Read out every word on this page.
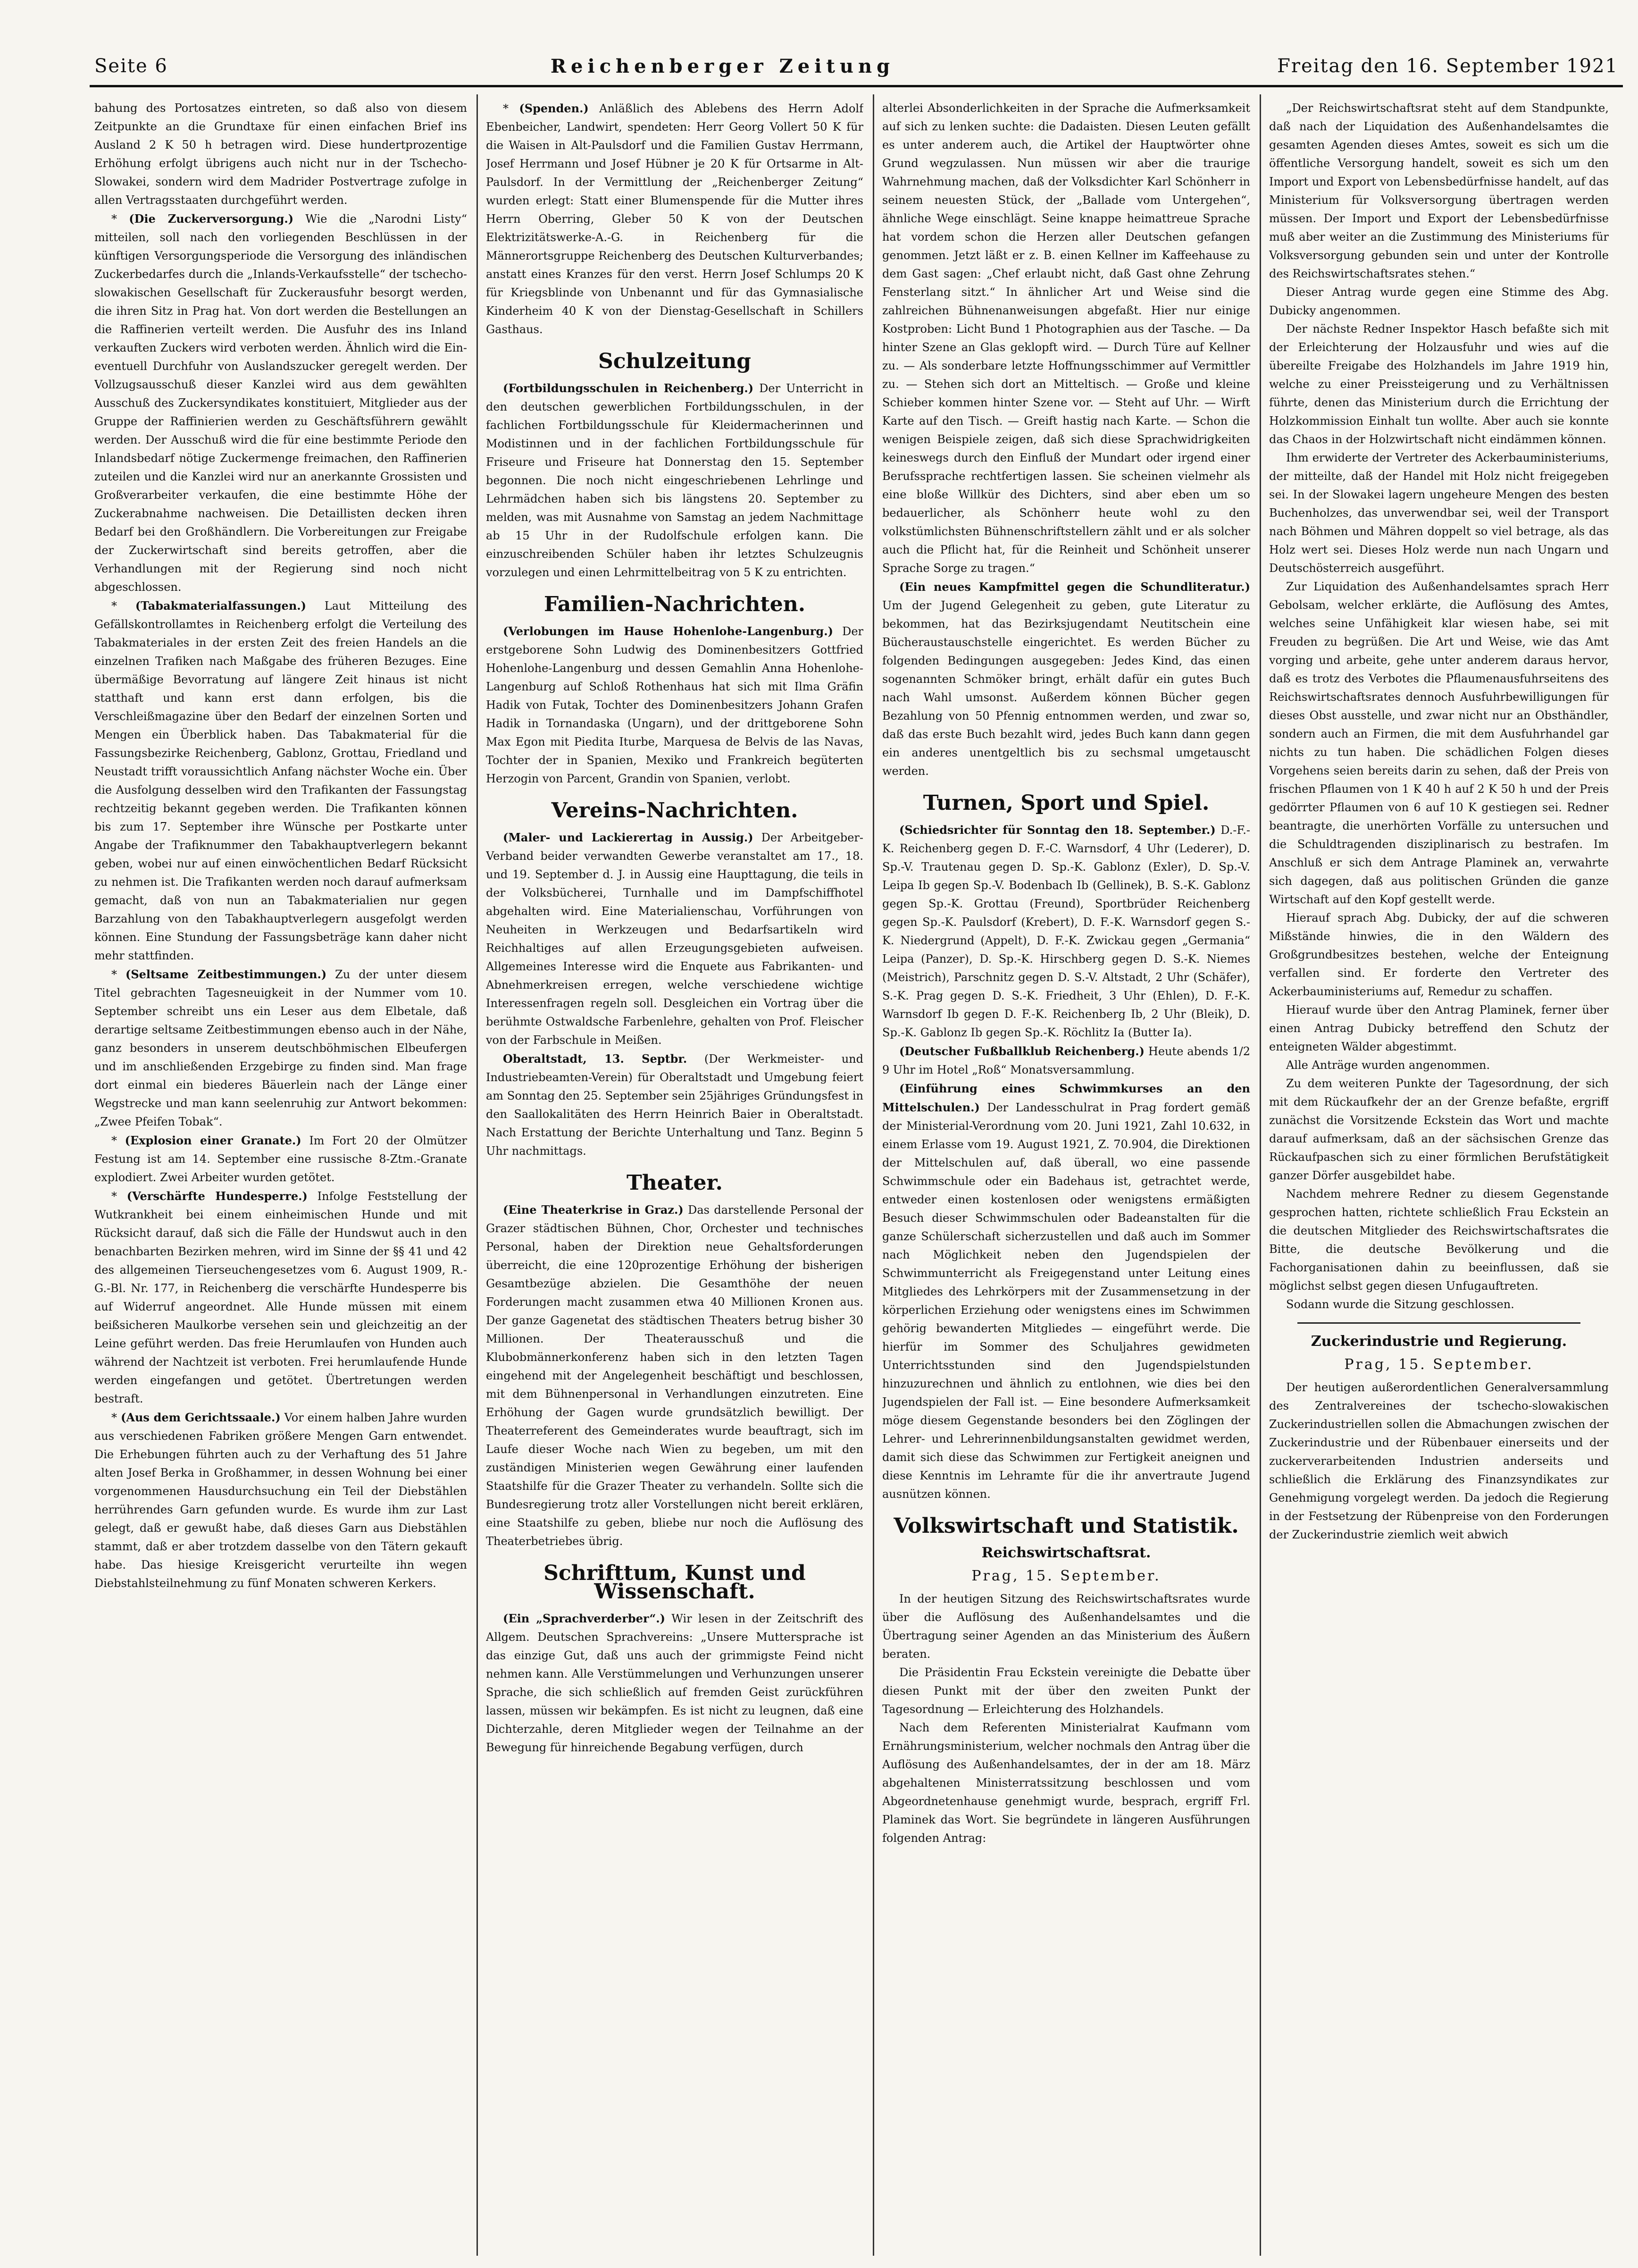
Seite 6	Reichenberger Zeitung	Freitag den 16. September 1921

bahung des Portosatzes eintreten, so daß also von diesem Zeitpunkte an die Grundtaxe für einen einfachen Brief ins Ausland 2 K 50 h betragen wird. Diese hundertprozentige Erhöhung erfolgt übrigens auch nicht nur in der Tschecho-Slowakei, sondern wird dem Madrider Postvertrage zufolge in allen Vertragsstaaten durchgeführt werden.

* (Die Zuckerversorgung.) Wie die „Narodni Listy“ mitteilen, soll nach den vorliegenden Beschlüssen in der künftigen Versorgungsperiode die Versorgung des inländischen Zuckerbedarfes durch die „Inlands-Verkaufsstelle“ der tschecho-slowakischen Gesellschaft für Zuckerausfuhr besorgt werden, die ihren Sitz in Prag hat. Von dort werden die Bestellungen an die Raffinerien verteilt werden. Die Ausfuhr des ins Inland verkauften Zuckers wird verboten werden. Ähnlich wird die Ein- eventuell Durchfuhr von Auslandszucker geregelt werden. Der Vollzugsausschuß dieser Kanzlei wird aus dem gewählten Ausschuß des Zuckersyndikates konstituiert, Mitglieder aus der Gruppe der Raffinierien werden zu Geschäftsführern gewählt werden. Der Ausschuß wird die für eine bestimmte Periode den Inlandsbedarf nötige Zuckermenge freimachen, den Raffinerien zuteilen und die Kanzlei wird nur an anerkannte Grossisten und Großverarbeiter verkaufen, die eine bestimmte Höhe der Zuckerabnahme nachweisen. Die Detaillisten decken ihren Bedarf bei den Großhändlern. Die Vorbereitungen zur Freigabe der Zuckerwirtschaft sind bereits getroffen, aber die Verhandlungen mit der Regierung sind noch nicht abgeschlossen.

* (Tabakmaterialfassungen.) Laut Mitteilung des Gefällskontrollamtes in Reichenberg erfolgt die Verteilung des Tabakmateriales in der ersten Zeit des freien Handels an die einzelnen Trafiken nach Maßgabe des früheren Bezuges. Eine übermäßige Bevorratung auf längere Zeit hinaus ist nicht statthaft und kann erst dann erfolgen, bis die Verschleißmagazine über den Bedarf der einzelnen Sorten und Mengen ein Überblick haben. Das Tabakmaterial für die Fassungsbezirke Reichenberg, Gablonz, Grottau, Friedland und Neustadt trifft voraussichtlich Anfang nächster Woche ein. Über die Ausfolgung desselben wird den Trafikanten der Fassungstag rechtzeitig bekannt gegeben werden. Die Trafikanten können bis zum 17. September ihre Wünsche per Postkarte unter Angabe der Trafiknummer den Tabakhauptverlegern bekannt geben, wobei nur auf einen einwöchentlichen Bedarf Rücksicht zu nehmen ist. Die Trafikanten werden noch darauf aufmerksam gemacht, daß von nun an Tabakmaterialien nur gegen Barzahlung von den Tabakhauptverlegern ausgefolgt werden können. Eine Stundung der Fassungsbeträge kann daher nicht mehr stattfinden.

* (Seltsame Zeitbestimmungen.) Zu der unter diesem Titel gebrachten Tagesneuigkeit in der Nummer vom 10. September schreibt uns ein Leser aus dem Elbetale, daß derartige seltsame Zeitbestimmungen ebenso auch in der Nähe, ganz besonders in unserem deutschböhmischen Elbeufergen und im anschließenden Erzgebirge zu finden sind. Man frage dort einmal ein biederes Bäuerlein nach der Länge einer Wegstrecke und man kann seelenruhig zur Antwort bekommen: „Zwee Pfeifen Tobak“.

* (Explosion einer Granate.) Im Fort 20 der Olmützer Festung ist am 14. September eine russische 8-Ztm.-Granate explodiert. Zwei Arbeiter wurden getötet.

* (Verschärfte Hundesperre.) Infolge Feststellung der Wutkrankheit bei einem einheimischen Hunde und mit Rücksicht darauf, daß sich die Fälle der Hundswut auch in den benachbarten Bezirken mehren, wird im Sinne der §§ 41 und 42 des allgemeinen Tierseuchengesetzes vom 6. August 1909, R.-G.-Bl. Nr. 177, in Reichenberg die verschärfte Hundesperre bis auf Widerruf angeordnet. Alle Hunde müssen mit einem beißsicheren Maulkorbe versehen sein und gleichzeitig an der Leine geführt werden. Das freie Herumlaufen von Hunden auch während der Nachtzeit ist verboten. Frei herumlaufende Hunde werden eingefangen und getötet. Übertretungen werden bestraft.

* (Aus dem Gerichtssaale.) Vor einem halben Jahre wurden aus verschiedenen Fabriken größere Mengen Garn entwendet. Die Erhebungen führten auch zu der Verhaftung des 51 Jahre alten Josef Berka in Großhammer, in dessen Wohnung bei einer vorgenommenen Hausdurchsuchung ein Teil der Diebstählen herrührendes Garn gefunden wurde. Es wurde ihm zur Last gelegt, daß er gewußt habe, daß dieses Garn aus Diebstählen stammt, daß er aber trotzdem dasselbe von den Tätern gekauft habe. Das hiesige Kreisgericht verurteilte ihn wegen Diebstahlsteilnehmung zu fünf Monaten schweren Kerkers.

* (Spenden.) Anläßlich des Ablebens des Herrn Adolf Ebenbeicher, Landwirt, spendeten: Herr Georg Vollert 50 K für die Waisen in Alt-Paulsdorf und die Familien Gustav Herrmann, Josef Herrmann und Josef Hübner je 20 K für Ortsarme in Alt-Paulsdorf. In der Vermittlung der „Reichenberger Zeitung“ wurden erlegt: Statt einer Blumenspende für die Mutter ihres Herrn Oberring, Gleber 50 K von der Deutschen Elektrizitätswerke-A.-G. in Reichenberg für die Männerortsgruppe Reichenberg des Deutschen Kulturverbandes; anstatt eines Kranzes für den verst. Herrn Josef Schlumps 20 K für Kriegsblinde von Unbenannt und für das Gymnasialische Kinderheim 40 K von der Dienstag-Gesellschaft in Schillers Gasthaus.

Schulzeitung

(Fortbildungsschulen in Reichenberg.) Der Unterricht in den deutschen gewerblichen Fortbildungsschulen, in der fachlichen Fortbildungsschule für Kleidermacherinnen und Modistinnen und in der fachlichen Fortbildungsschule für Friseure und Friseure hat Donnerstag den 15. September begonnen. Die noch nicht eingeschriebenen Lehrlinge und Lehrmädchen haben sich bis längstens 20. September zu melden, was mit Ausnahme von Samstag an jedem Nachmittage ab 15 Uhr in der Rudolfschule erfolgen kann. Die einzuschreibenden Schüler haben ihr letztes Schulzeugnis vorzulegen und einen Lehrmittelbeitrag von 5 K zu entrichten.

Familien-Nachrichten.

(Verlobungen im Hause Hohenlohe-Langenburg.) Der erstgeborene Sohn Ludwig des Dominenbesitzers Gottfried Hohenlohe-Langenburg und dessen Gemahlin Anna Hohenlohe-Langenburg auf Schloß Rothenhaus hat sich mit Ilma Gräfin Hadik von Futak, Tochter des Dominenbesitzers Johann Grafen Hadik in Tornandaska (Ungarn), und der drittgeborene Sohn Max Egon mit Piedita Iturbe, Marquesa de Belvis de las Navas, Tochter der in Spanien, Mexiko und Frankreich begüterten Herzogin von Parcent, Grandin von Spanien, verlobt.

Vereins-Nachrichten.

(Maler- und Lackierertag in Aussig.) Der Arbeitgeber-Verband beider verwandten Gewerbe veranstaltet am 17., 18. und 19. September d. J. in Aussig eine Haupttagung, die teils in der Volksbücherei, Turnhalle und im Dampfschiffhotel abgehalten wird. Eine Materialienschau, Vorführungen von Neuheiten in Werkzeugen und Bedarfsartikeln wird Reichhaltiges auf allen Erzeugungsgebieten aufweisen. Allgemeines Interesse wird die Enquete aus Fabrikanten- und Abnehmerkreisen erregen, welche verschiedene wichtige Interessenfragen regeln soll. Desgleichen ein Vortrag über die berühmte Ostwaldsche Farbenlehre, gehalten von Prof. Fleischer von der Farbschule in Meißen.

Oberaltstadt, 13. Septbr. (Der Werkmeister- und Industriebeamten-Verein) für Oberaltstadt und Umgebung feiert am Sonntag den 25. September sein 25jähriges Gründungsfest in den Saallokalitäten des Herrn Heinrich Baier in Oberaltstadt. Nach Erstattung der Berichte Unterhaltung und Tanz. Beginn 5 Uhr nachmittags.

Theater.

(Eine Theaterkrise in Graz.) Das darstellende Personal der Grazer städtischen Bühnen, Chor, Orchester und technisches Personal, haben der Direktion neue Gehaltsforderungen überreicht, die eine 120prozentige Erhöhung der bisherigen Gesamtbezüge abzielen. Die Gesamthöhe der neuen Forderungen macht zusammen etwa 40 Millionen Kronen aus. Der ganze Gagenetat des städtischen Theaters betrug bisher 30 Millionen. Der Theaterausschuß und die Klubobmännerkonferenz haben sich in den letzten Tagen eingehend mit der Angelegenheit beschäftigt und beschlossen, mit dem Bühnenpersonal in Verhandlungen einzutreten. Eine Erhöhung der Gagen wurde grundsätzlich bewilligt. Der Theaterreferent des Gemeinderates wurde beauftragt, sich im Laufe dieser Woche nach Wien zu begeben, um mit den zuständigen Ministerien wegen Gewährung einer laufenden Staatshilfe für die Grazer Theater zu verhandeln. Sollte sich die Bundesregierung trotz aller Vorstellungen nicht bereit erklären, eine Staatshilfe zu geben, bliebe nur noch die Auflösung des Theaterbetriebes übrig.

Schrifttum, Kunst und Wissenschaft.

(Ein „Sprachverderber“.) Wir lesen in der Zeitschrift des Allgem. Deutschen Sprachvereins: „Unsere Muttersprache ist das einzige Gut, daß uns auch der grimmigste Feind nicht nehmen kann. Alle Verstümmelungen und Verhunzungen unserer Sprache, die sich schließlich auf fremden Geist zurückführen lassen, müssen wir bekämpfen. Es ist nicht zu leugnen, daß eine Dichterzahle, deren Mitglieder wegen der Teilnahme an der Bewegung für hinreichende Begabung verfügen, durch

alterlei Absonderlichkeiten in der Sprache die Aufmerksamkeit auf sich zu lenken suchte: die Dadaisten. Diesen Leuten gefällt es unter anderem auch, die Artikel der Hauptwörter ohne Grund wegzulassen. Nun müssen wir aber die traurige Wahrnehmung machen, daß der Volksdichter Karl Schönherr in seinem neuesten Stück, der „Ballade vom Untergehen“, ähnliche Wege einschlägt. Seine knappe heimattreue Sprache hat vordem schon die Herzen aller Deutschen gefangen genommen. Jetzt läßt er z. B. einen Kellner im Kaffeehause zu dem Gast sagen: „Chef erlaubt nicht, daß Gast ohne Zehrung Fensterlang sitzt.“ In ähnlicher Art und Weise sind die zahlreichen Bühnenanweisungen abgefaßt. Hier nur einige Kostproben: Licht Bund 1 Photographien aus der Tasche. — Da hinter Szene an Glas geklopft wird. — Durch Türe auf Kellner zu. — Als sonderbare letzte Hoffnungsschimmer auf Vermittler zu. — Stehen sich dort an Mitteltisch. — Große und kleine Schieber kommen hinter Szene vor. — Steht auf Uhr. — Wirft Karte auf den Tisch. — Greift hastig nach Karte. — Schon die wenigen Beispiele zeigen, daß sich diese Sprachwidrigkeiten keineswegs durch den Einfluß der Mundart oder irgend einer Berufssprache rechtfertigen lassen. Sie scheinen vielmehr als eine bloße Willkür des Dichters, sind aber eben um so bedauerlicher, als Schönherr heute wohl zu den volkstümlichsten Bühnenschriftstellern zählt und er als solcher auch die Pflicht hat, für die Reinheit und Schönheit unserer Sprache Sorge zu tragen.“

(Ein neues Kampfmittel gegen die Schundliteratur.) Um der Jugend Gelegenheit zu geben, gute Literatur zu bekommen, hat das Bezirksjugendamt Neutitschein eine Bücheraustauschstelle eingerichtet. Es werden Bücher zu folgenden Bedingungen ausgegeben: Jedes Kind, das einen sogenannten Schmöker bringt, erhält dafür ein gutes Buch nach Wahl umsonst. Außerdem können Bücher gegen Bezahlung von 50 Pfennig entnommen werden, und zwar so, daß das erste Buch bezahlt wird, jedes Buch kann dann gegen ein anderes unentgeltlich bis zu sechsmal umgetauscht werden.

Turnen, Sport und Spiel.

(Schiedsrichter für Sonntag den 18. September.) D.-F.-K. Reichenberg gegen D. F.-C. Warnsdorf, 4 Uhr (Lederer), D. Sp.-V. Trautenau gegen D. Sp.-K. Gablonz (Exler), D. Sp.-V. Leipa Ib gegen Sp.-V. Bodenbach Ib (Gellinek), B. S.-K. Gablonz gegen Sp.-K. Grottau (Freund), Sportbrüder Reichenberg gegen Sp.-K. Paulsdorf (Krebert), D. F.-K. Warnsdorf gegen S.-K. Niedergrund (Appelt), D. F.-K. Zwickau gegen „Germania“ Leipa (Panzer), D. Sp.-K. Hirschberg gegen D. S.-K. Niemes (Meistrich), Parschnitz gegen D. S.-V. Altstadt, 2 Uhr (Schäfer), S.-K. Prag gegen D. S.-K. Friedheit, 3 Uhr (Ehlen), D. F.-K. Warnsdorf Ib gegen D. F.-K. Reichenberg Ib, 2 Uhr (Bleik), D. Sp.-K. Gablonz Ib gegen Sp.-K. Röchlitz Ia (Butter Ia).

(Deutscher Fußballklub Reichenberg.) Heute abends 1/2 9 Uhr im Hotel „Roß“ Monatsversammlung.

(Einführung eines Schwimmkurses an den Mittelschulen.) Der Landesschulrat in Prag fordert gemäß der Ministerial-Verordnung vom 20. Juni 1921, Zahl 10.632, in einem Erlasse vom 19. August 1921, Z. 70.904, die Direktionen der Mittelschulen auf, daß überall, wo eine passende Schwimmschule oder ein Badehaus ist, getrachtet werde, entweder einen kostenlosen oder wenigstens ermäßigten Besuch dieser Schwimmschulen oder Badeanstalten für die ganze Schülerschaft sicherzustellen und daß auch im Sommer nach Möglichkeit neben den Jugendspielen der Schwimmunterricht als Freigegenstand unter Leitung eines Mitgliedes des Lehrkörpers mit der Zusammensetzung in der körperlichen Erziehung oder wenigstens eines im Schwimmen gehörig bewanderten Mitgliedes — eingeführt werde. Die hierfür im Sommer des Schuljahres gewidmeten Unterrichtsstunden sind den Jugendspielstunden hinzuzurechnen und ähnlich zu entlohnen, wie dies bei den Jugendspielen der Fall ist. — Eine besondere Aufmerksamkeit möge diesem Gegenstande besonders bei den Zöglingen der Lehrer- und Lehrerinnenbildungsanstalten gewidmet werden, damit sich diese das Schwimmen zur Fertigkeit aneignen und diese Kenntnis im Lehramte für die ihr anvertraute Jugend ausnützen können.

Volkswirtschaft und Statistik.
Reichswirtschaftsrat.
Prag, 15. September.

In der heutigen Sitzung des Reichswirtschaftsrates wurde über die Auflösung des Außenhandelsamtes und die Übertragung seiner Agenden an das Ministerium des Äußern beraten.

Die Präsidentin Frau Eckstein vereinigte die Debatte über diesen Punkt mit der über den zweiten Punkt der Tagesordnung — Erleichterung des Holzhandels.

Nach dem Referenten Ministerialrat Kaufmann vom Ernährungsministerium, welcher nochmals den Antrag über die Auflösung des Außenhandelsamtes, der in der am 18. März abgehaltenen Ministerratssitzung beschlossen und vom Abgeordnetenhause genehmigt wurde, besprach, ergriff Frl. Plaminek das Wort. Sie begründete in längeren Ausführungen folgenden Antrag:

„Der Reichswirtschaftsrat steht auf dem Standpunkte, daß nach der Liquidation des Außenhandelsamtes die gesamten Agenden dieses Amtes, soweit es sich um die öffentliche Versorgung handelt, soweit es sich um den Import und Export von Lebensbedürfnisse handelt, auf das Ministerium für Volksversorgung übertragen werden müssen. Der Import und Export der Lebensbedürfnisse muß aber weiter an die Zustimmung des Ministeriums für Volksversorgung gebunden sein und unter der Kontrolle des Reichswirtschaftsrates stehen.“

Dieser Antrag wurde gegen eine Stimme des Abg. Dubicky angenommen.

Der nächste Redner Inspektor Hasch befaßte sich mit der Erleichterung der Holzausfuhr und wies auf die übereilte Freigabe des Holzhandels im Jahre 1919 hin, welche zu einer Preissteigerung und zu Verhältnissen führte, denen das Ministerium durch die Errichtung der Holzkommission Einhalt tun wollte. Aber auch sie konnte das Chaos in der Holzwirtschaft nicht eindämmen können.

Ihm erwiderte der Vertreter des Ackerbauministeriums, der mitteilte, daß der Handel mit Holz nicht freigegeben sei. In der Slowakei lagern ungeheure Mengen des besten Buchenholzes, das unverwendbar sei, weil der Transport nach Böhmen und Mähren doppelt so viel betrage, als das Holz wert sei. Dieses Holz werde nun nach Ungarn und Deutschösterreich ausgeführt.

Zur Liquidation des Außenhandelsamtes sprach Herr Gebolsam, welcher erklärte, die Auflösung des Amtes, welches seine Unfähigkeit klar wiesen habe, sei mit Freuden zu begrüßen. Die Art und Weise, wie das Amt vorging und arbeite, gehe unter anderem daraus hervor, daß es trotz des Verbotes die Pflaumenausfuhrseitens des Reichswirtschaftsrates dennoch Ausfuhrbewilligungen für dieses Obst ausstelle, und zwar nicht nur an Obsthändler, sondern auch an Firmen, die mit dem Ausfuhrhandel gar nichts zu tun haben. Die schädlichen Folgen dieses Vorgehens seien bereits darin zu sehen, daß der Preis von frischen Pflaumen von 1 K 40 h auf 2 K 50 h und der Preis gedörrter Pflaumen von 6 auf 10 K gestiegen sei. Redner beantragte, die unerhörten Vorfälle zu untersuchen und die Schuldtragenden disziplinarisch zu bestrafen. Im Anschluß er sich dem Antrage Plaminek an, verwahrte sich dagegen, daß aus politischen Gründen die ganze Wirtschaft auf den Kopf gestellt werde.

Hierauf sprach Abg. Dubicky, der auf die schweren Mißstände hinwies, die in den Wäldern des Großgrundbesitzes bestehen, welche der Enteignung verfallen sind. Er forderte den Vertreter des Ackerbauministeriums auf, Remedur zu schaffen.

Hierauf wurde über den Antrag Plaminek, ferner über einen Antrag Dubicky betreffend den Schutz der enteigneten Wälder abgestimmt.

Alle Anträge wurden angenommen.

Zu dem weiteren Punkte der Tagesordnung, der sich mit dem Rückaufkehr der an der Grenze befaßte, ergriff zunächst die Vorsitzende Eckstein das Wort und machte darauf aufmerksam, daß an der sächsischen Grenze das Rückaufpaschen sich zu einer förmlichen Berufstätigkeit ganzer Dörfer ausgebildet habe.

Nachdem mehrere Redner zu diesem Gegenstande gesprochen hatten, richtete schließlich Frau Eckstein an die deutschen Mitglieder des Reichswirtschaftsrates die Bitte, die deutsche Bevölkerung und die Fachorganisationen dahin zu beeinflussen, daß sie möglichst selbst gegen diesen Unfugauftreten.

Sodann wurde die Sitzung geschlossen.

Zuckerindustrie und Regierung.
Prag, 15. September.

Der heutigen außerordentlichen Generalversammlung des Zentralvereines der tschecho-slowakischen Zuckerindustriellen sollen die Abmachungen zwischen der Zuckerindustrie und der Rübenbauer einerseits und der zuckerverarbeitenden Industrien anderseits und schließlich die Erklärung des Finanzsyndikates zur Genehmigung vorgelegt werden. Da jedoch die Regierung in der Festsetzung der Rübenpreise von den Forderungen der Zuckerindustrie ziemlich weit abwich
